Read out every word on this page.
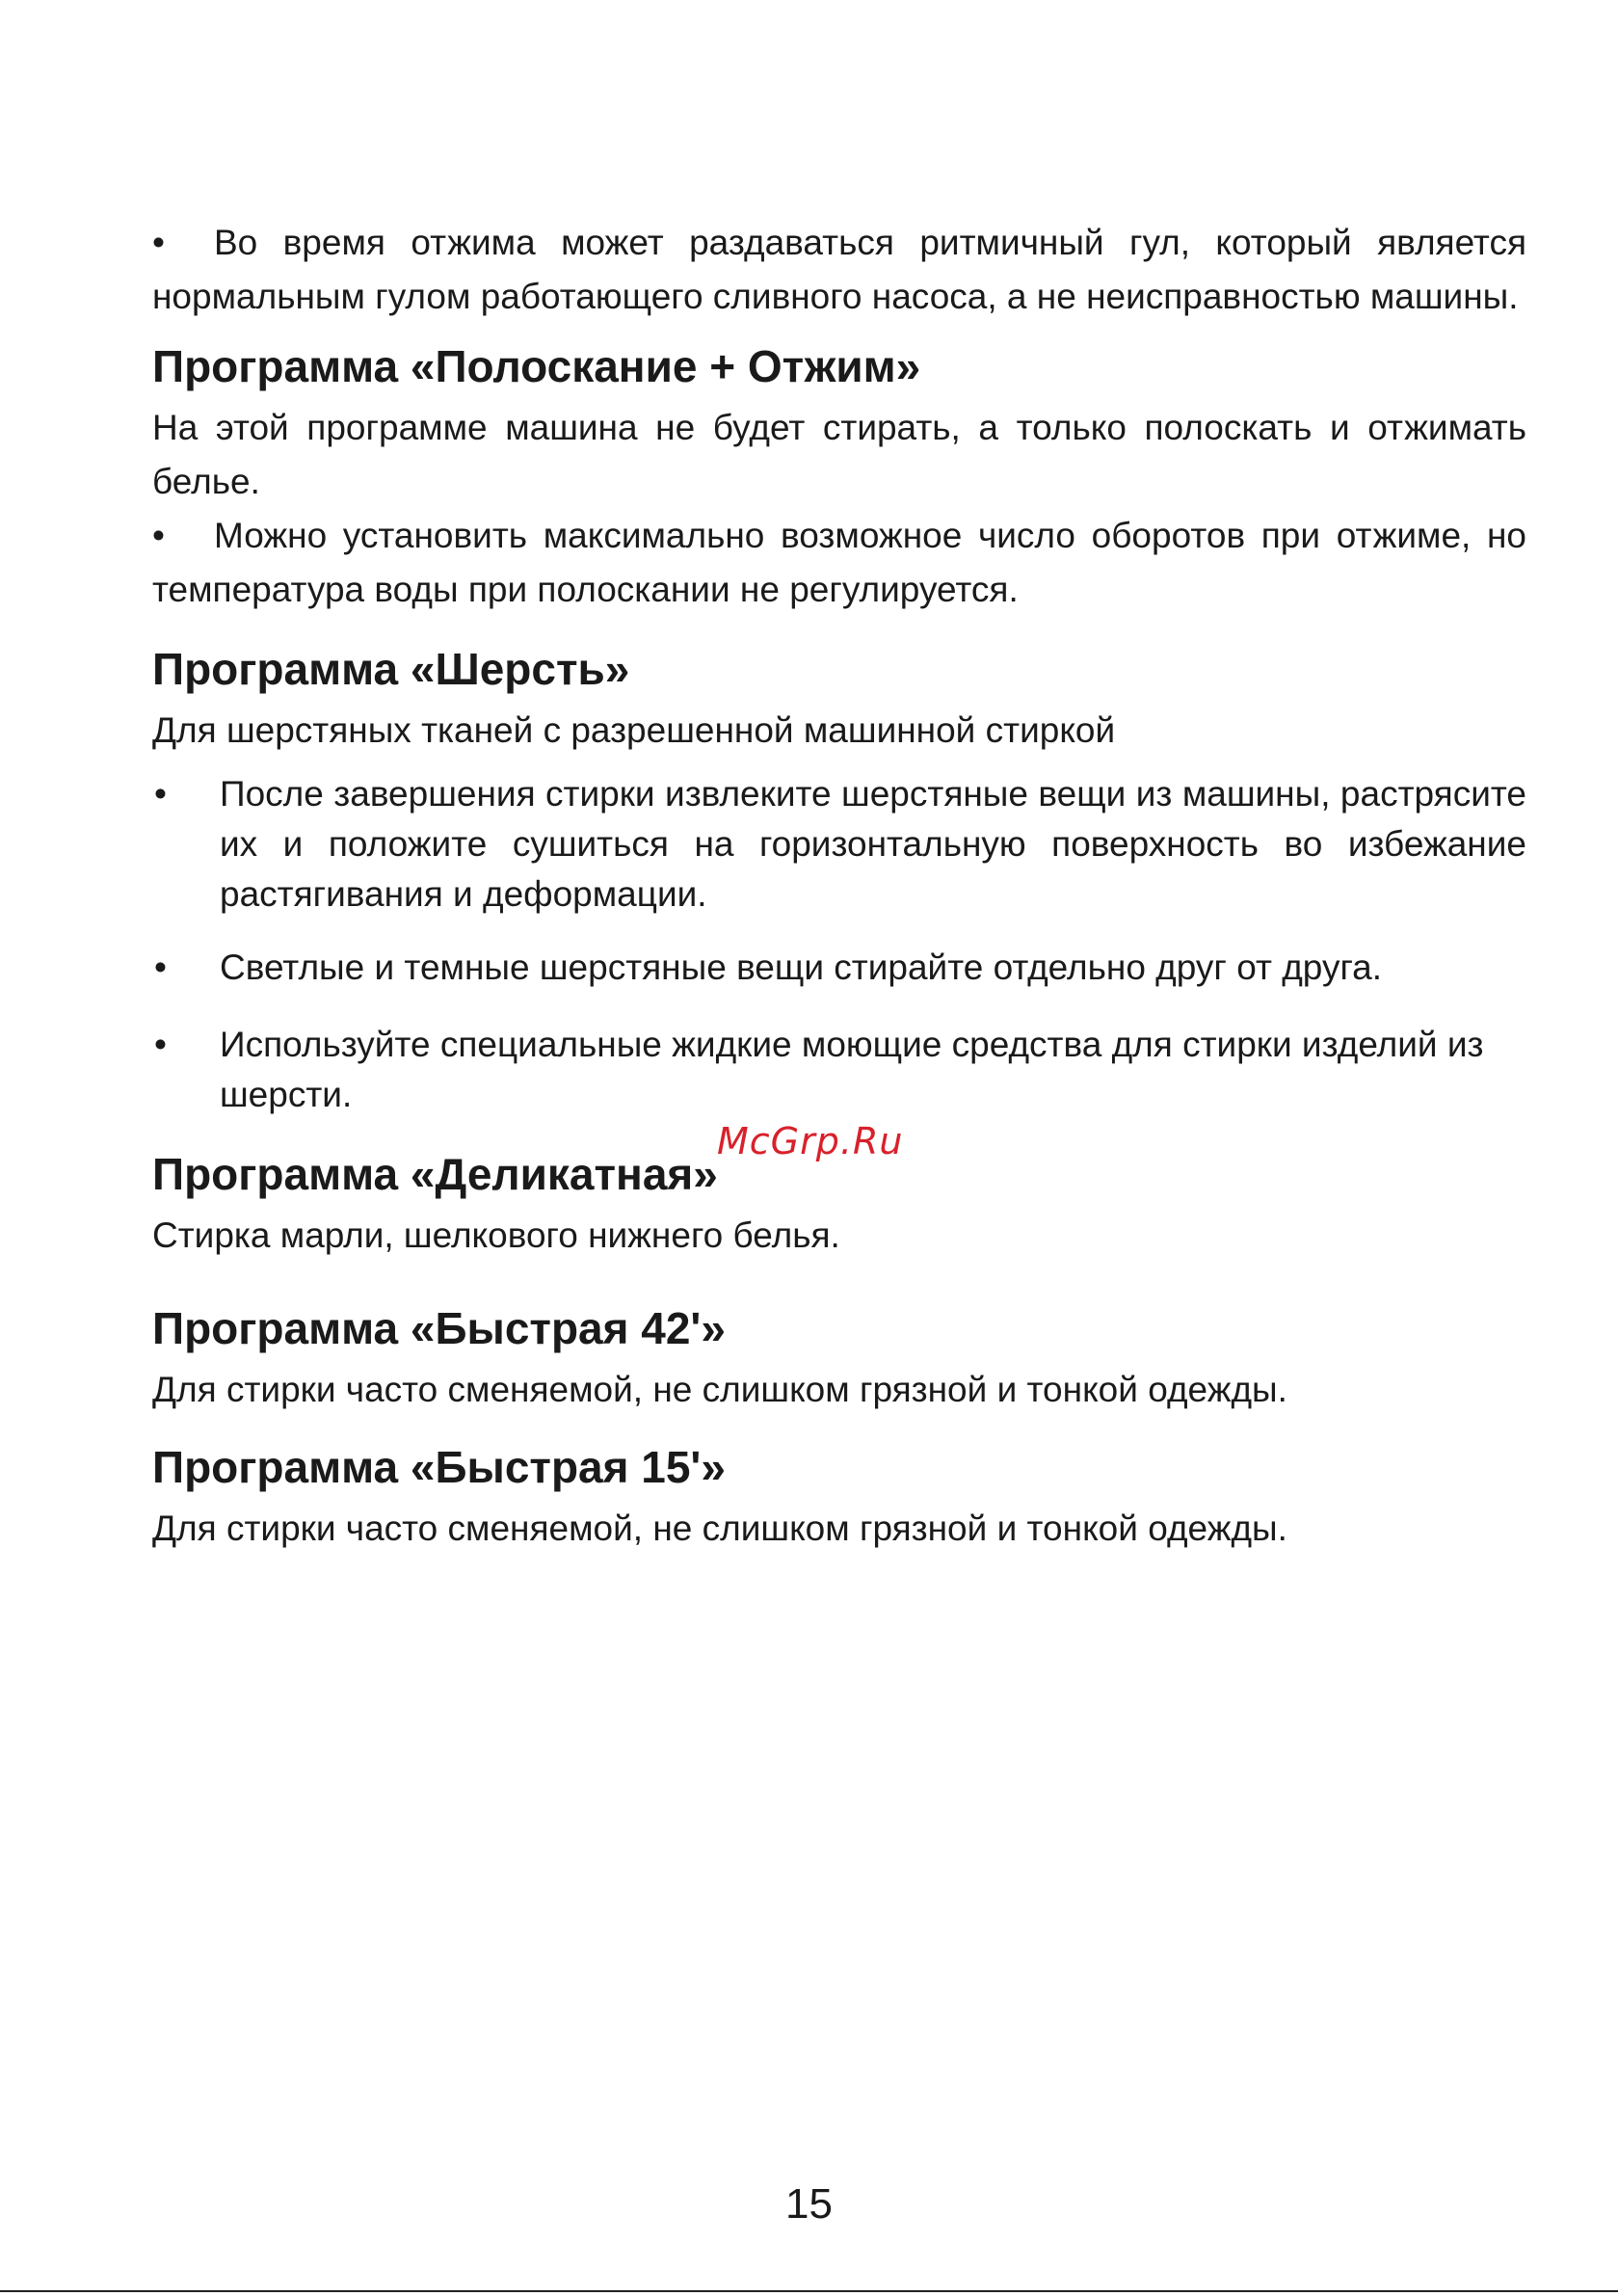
• Во время отжима может раздаваться ритмичный гул, который является нормальным гулом работающего сливного насоса, а не неисправностью машины.

Программа «Полоскание + Отжим»

На этой программе машина не будет стирать, а только полоскать и отжимать белье.

• Можно установить максимально возможное число оборотов при отжиме, но температура воды при полоскании не регулируется.

Программа «Шерсть»

Для шерстяных тканей с разрешенной машинной стиркой

• После завершения стирки извлеките шерстяные вещи из машины, растрясите их и положите сушиться на горизонтальную поверхность во избежание растягивания и деформации.
• Светлые и темные шерстяные вещи стирайте отдельно друг от друга.
• Используйте специальные жидкие моющие средства для стирки изделий из шерсти.
Программа «Деликатная»

Стирка марли, шелкового нижнего белья.

Программа «Быстрая 42'»

Для стирки часто сменяемой, не слишком грязной и тонкой одежды.

Программа «Быстрая 15'»

Для стирки часто сменяемой, не слишком грязной и тонкой одежды.

McGrp.Ru
15
